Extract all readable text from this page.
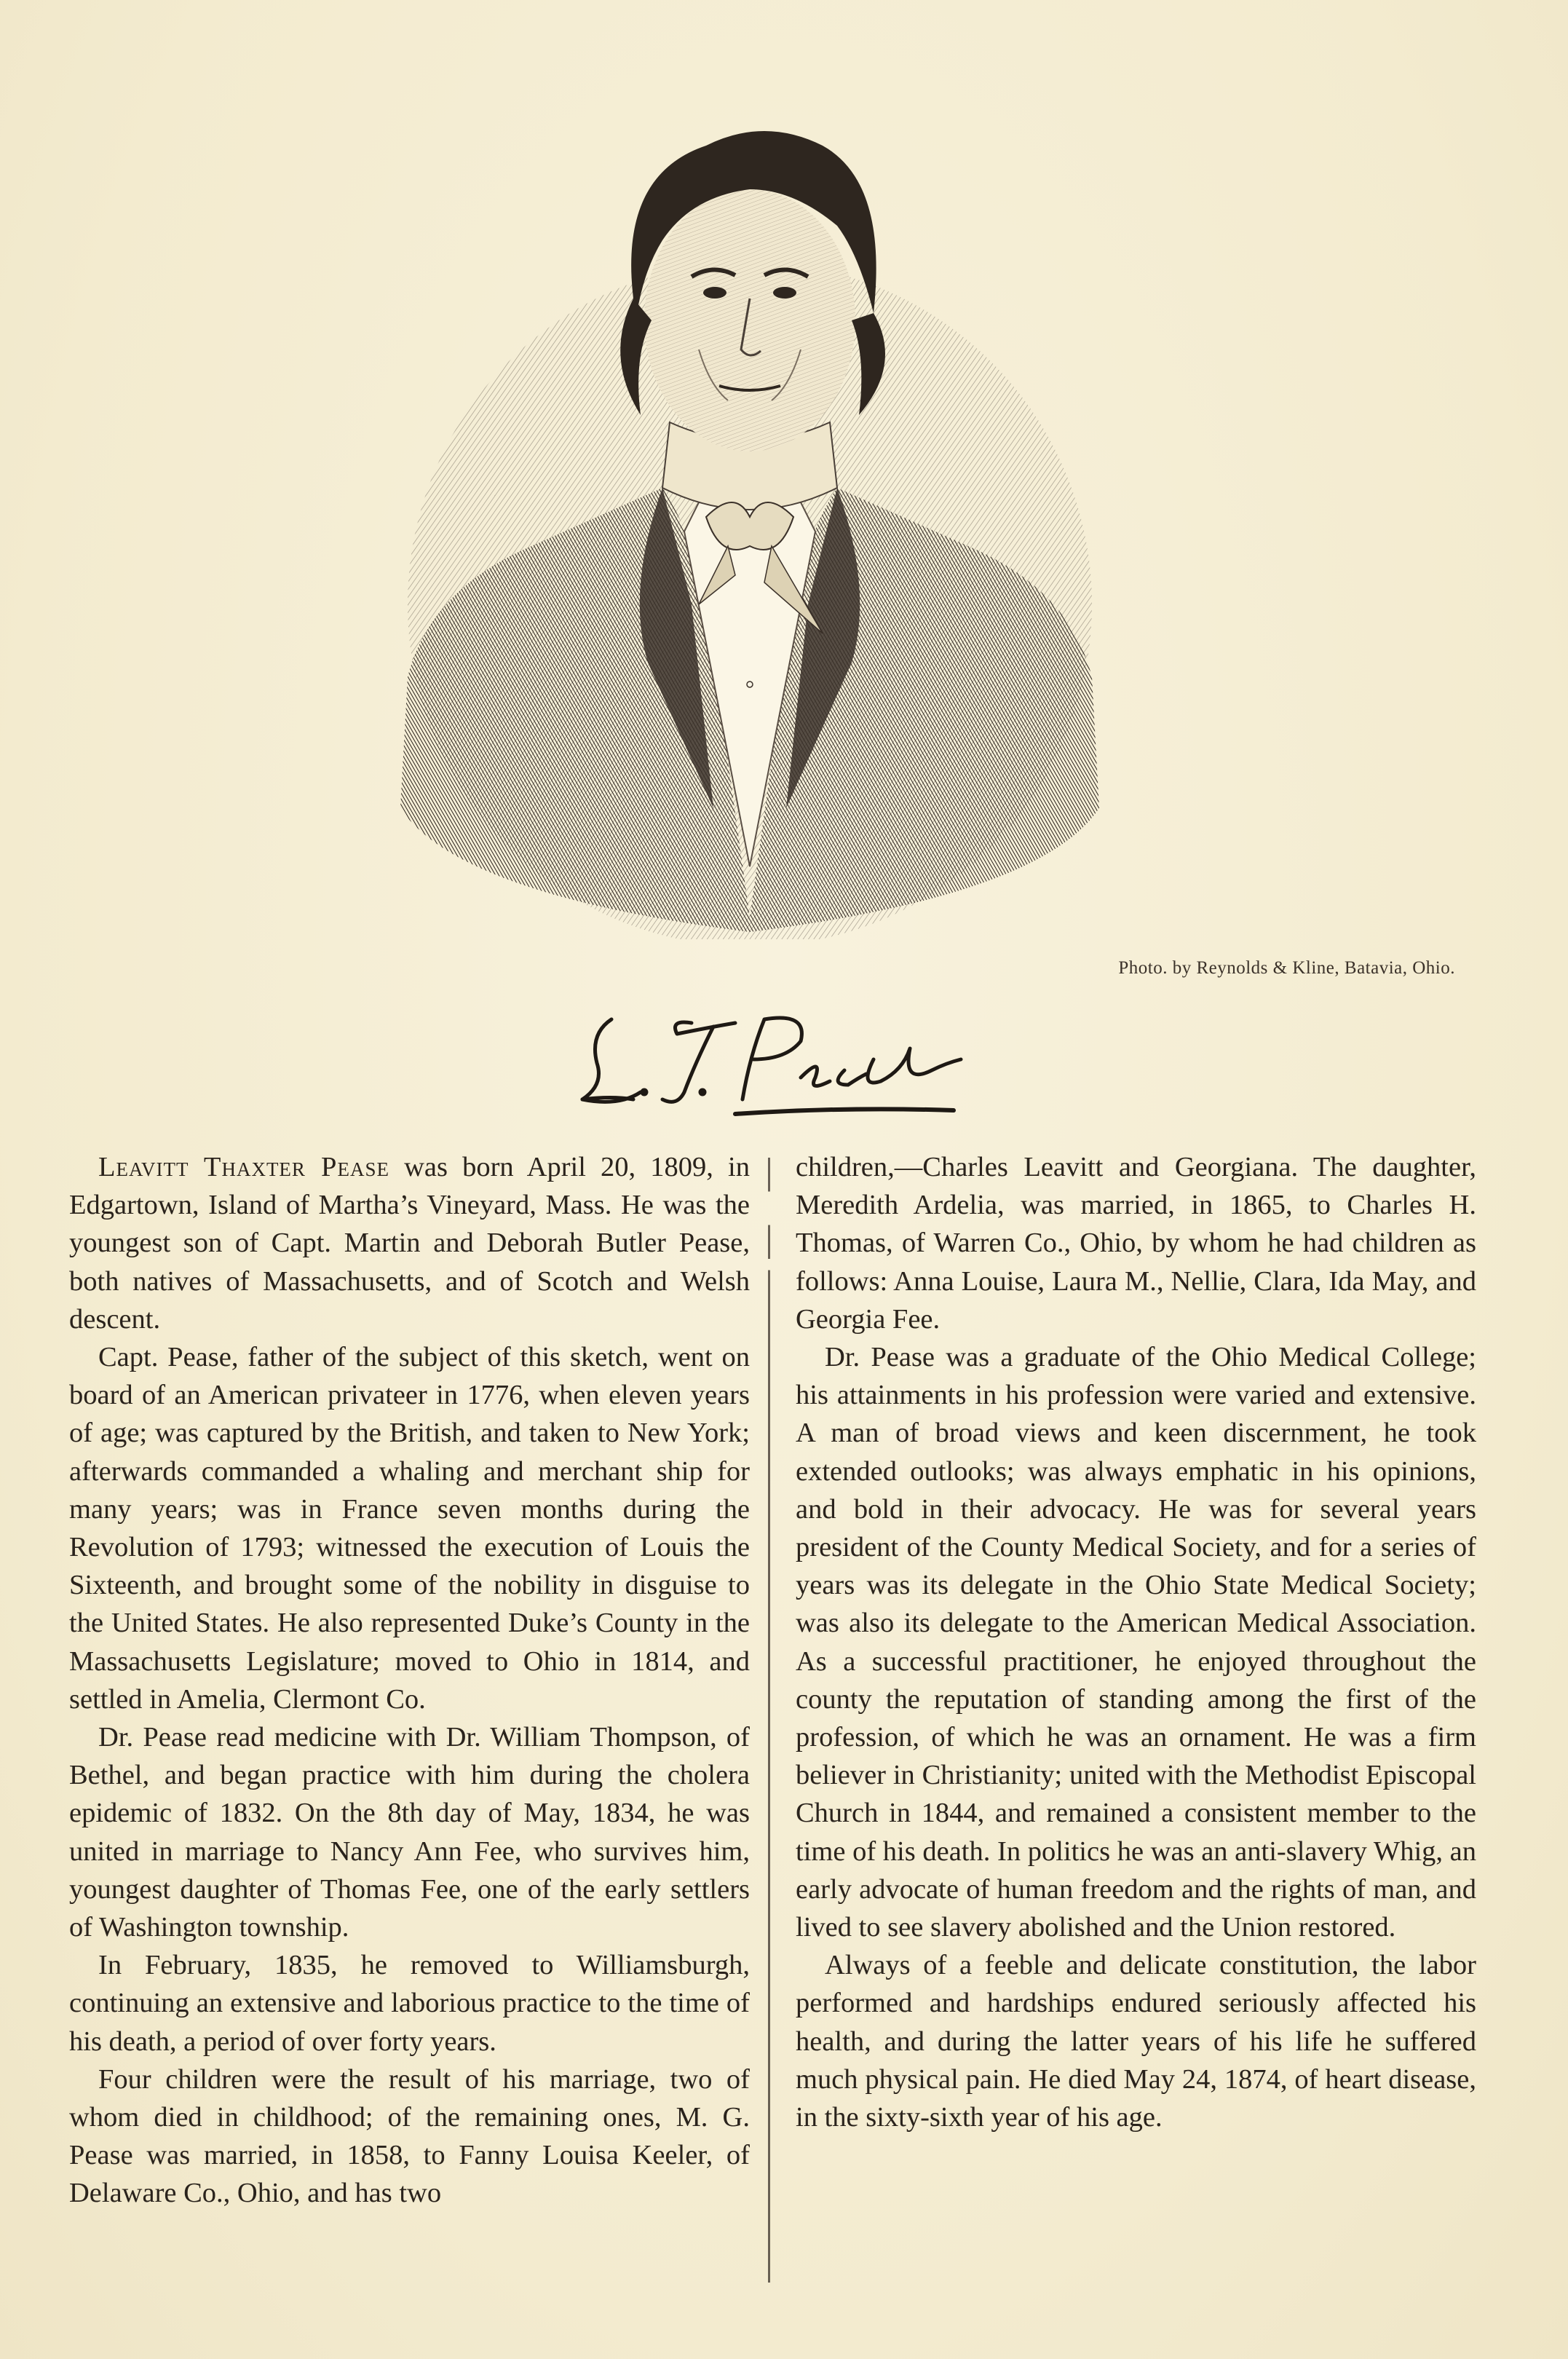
Photo. by Reynolds & Kline, Batavia, Ohio.

Leavitt Thaxter Pease was born April 20, 1809, in Edgartown, Island of Martha’s Vineyard, Mass. He was the youngest son of Capt. Martin and Deborah Butler Pease, both natives of Massachusetts, and of Scotch and Welsh descent.

Capt. Pease, father of the subject of this sketch, went on board of an American privateer in 1776, when eleven years of age; was captured by the British, and taken to New York; afterwards commanded a whaling and merchant ship for many years; was in France seven months during the Revolution of 1793; witnessed the execution of Louis the Sixteenth, and brought some of the nobility in disguise to the United States. He also represented Duke’s County in the Massachusetts Legislature; moved to Ohio in 1814, and settled in Amelia, Clermont Co.

Dr. Pease read medicine with Dr. William Thompson, of Bethel, and began practice with him during the cholera epidemic of 1832. On the 8th day of May, 1834, he was united in marriage to Nancy Ann Fee, who survives him, youngest daughter of Thomas Fee, one of the early settlers of Washington township.

In February, 1835, he removed to Williamsburgh, continuing an extensive and laborious practice to the time of his death, a period of over forty years.

Four children were the result of his marriage, two of whom died in childhood; of the remaining ones, M. G. Pease was married, in 1858, to Fanny Louisa Keeler, of Delaware Co., Ohio, and has two

children,—Charles Leavitt and Georgiana. The daughter, Meredith Ardelia, was married, in 1865, to Charles H. Thomas, of Warren Co., Ohio, by whom he had children as follows: Anna Louise, Laura M., Nellie, Clara, Ida May, and Georgia Fee.

Dr. Pease was a graduate of the Ohio Medical College; his attainments in his profession were varied and extensive. A man of broad views and keen discernment, he took extended outlooks; was always emphatic in his opinions, and bold in their advocacy. He was for several years president of the County Medical Society, and for a series of years was its delegate in the Ohio State Medical Society; was also its delegate to the American Medical Association. As a successful practitioner, he enjoyed throughout the county the reputation of standing among the first of the profession, of which he was an ornament. He was a firm believer in Christianity; united with the Methodist Episcopal Church in 1844, and remained a consistent member to the time of his death. In politics he was an anti-slavery Whig, an early advocate of human freedom and the rights of man, and lived to see slavery abolished and the Union restored.

Always of a feeble and delicate constitution, the labor performed and hardships endured seriously affected his health, and during the latter years of his life he suffered much physical pain. He died May 24, 1874, of heart disease, in the sixty-sixth year of his age.
